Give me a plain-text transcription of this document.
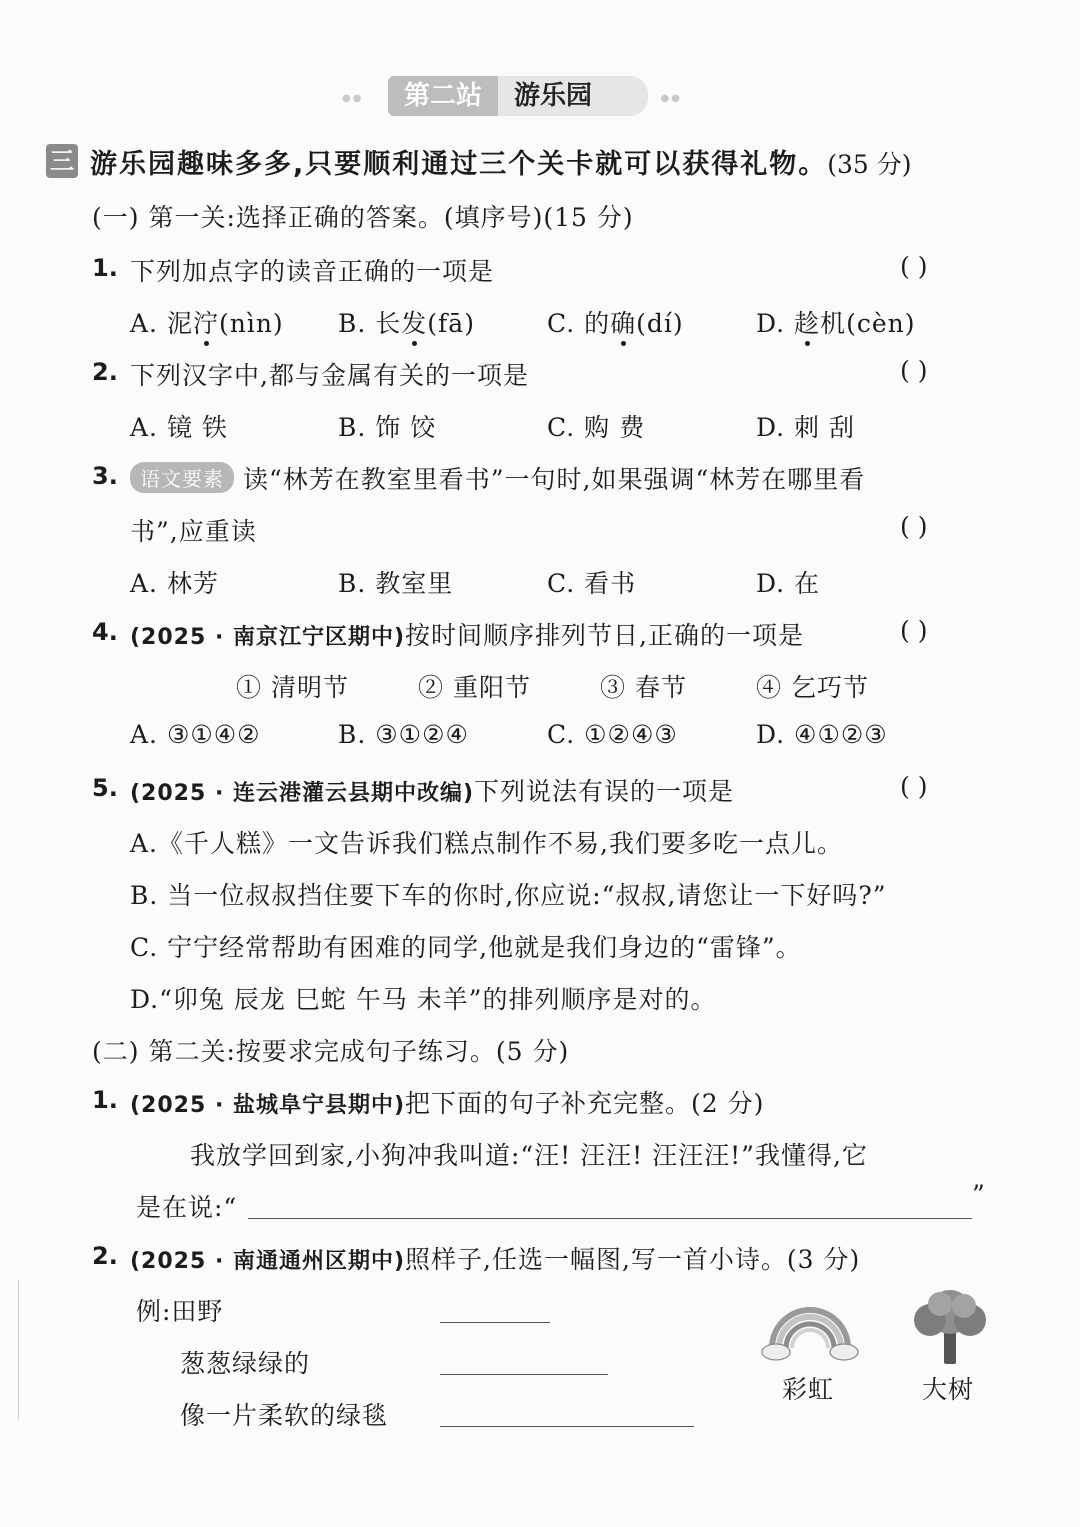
●●	第二站	游乐园	●●
三 游乐园趣味多多,只要顺利通过三个关卡就可以获得礼物。(35 分)
(一) 第一关:选择正确的答案。(填序号)(15 分)
1. 下列加点字的读音正确的一项是	( )
A. 泥泞(nìn) B. 长发(fā)	C. 的确(dí)	D. 趁机(cèn)
2. 下列汉字中,都与金属有关的一项是	( )
A. 镜 铁	B. 饰 饺	C. 购 费	D. 刺 刮
3.	语文要素 读“林芳在教室里看书”一句时,如果强调“林芳在哪里看
书”,应重读	( )
A. 林芳	B. 教室里	C. 看书	D. 在
4. (2025 · 南京江宁区期中)按时间顺序排列节日,正确的一项是	( )
① 清明节	② 重阳节	③ 春节	④ 乞巧节
A. ③①④②	B. ③①②④	C. ①②④③	D. ④①②③
5. (2025 · 连云港灌云县期中改编)下列说法有误的一项是	( )
A.《千人糕》一文告诉我们糕点制作不易,我们要多吃一点儿。
B. 当一位叔叔挡住要下车的你时,你应说:“叔叔,请您让一下好吗?”
C. 宁宁经常帮助有困难的同学,他就是我们身边的“雷锋”。
D.“卯兔 辰龙 巳蛇 午马 未羊”的排列顺序是对的。
(二) 第二关:按要求完成句子练习。(5 分)
1. (2025 · 盐城阜宁县期中)把下面的句子补充完整。(2 分)
我放学回到家,小狗冲我叫道:“汪! 汪汪! 汪汪汪!”我懂得,它
是在说:“	”
2. (2025 · 南通通州区期中)照样子,任选一幅图,写一首小诗。(3 分)
例:田野
葱葱绿绿的
像一片柔软的绿毯
彩虹	大树
